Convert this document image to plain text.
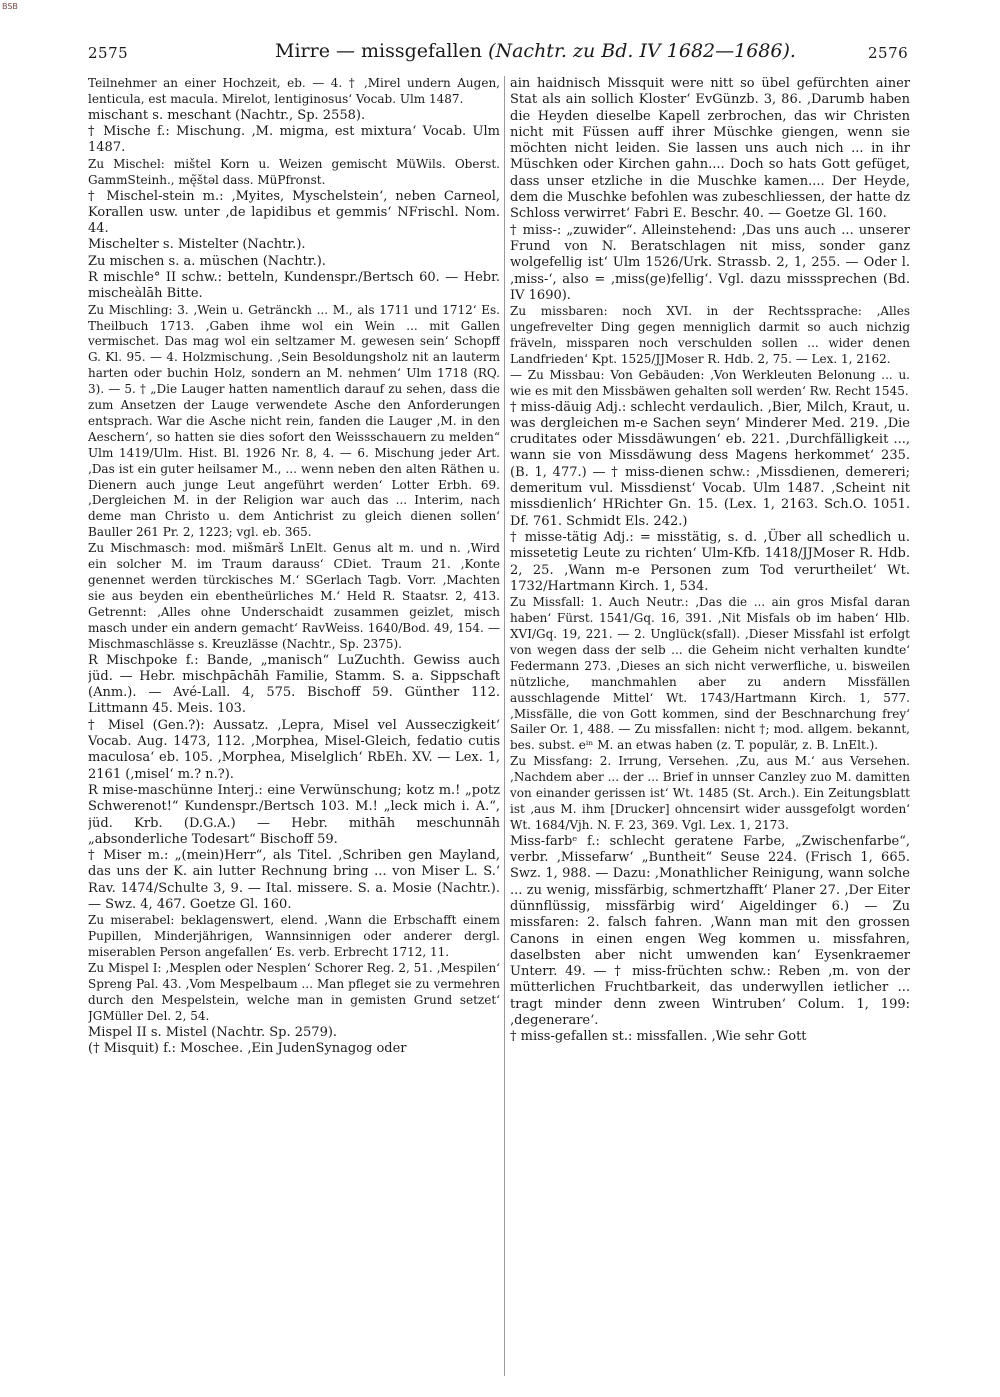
BSB
2575	Mirre — missgefallen (Nachtr. zu Bd. IV 1682—1686).	2576

Teilnehmer an einer Hochzeit, eb. — 4. † ‚Mirel undern Augen, lenticula, est macula. Mirelot, lentiginosus‘ Vocab. Ulm 1487.

mischant s. meschant (Nachtr., Sp. 2558).

† Mische f.: Mischung. ‚M. migma, est mixtura‘ Vocab. Ulm 1487.

Zu Mischel: mištel Korn u. Weizen gemischt MüWils. Oberst. GammSteinh., mę̃štəl dass. MüPfronst.

† Mischel-stein m.: ‚Myites, Myschelstein‘, neben Carneol, Korallen usw. unter ‚de lapidibus et gemmis‘ NFrischl. Nom. 44.

Mischelter s. Mistelter (Nachtr.).

Zu mischen s. a. müschen (Nachtr.).

R mischle° II schw.: betteln, Kundenspr./Bertsch 60. — Hebr. mischeàlāh Bitte.

Zu Mischling: 3. ‚Wein u. Getränckh ... M., als 1711 und 1712‘ Es. Theilbuch 1713. ‚Gaben ihme wol ein Wein ... mit Gallen vermischet. Das mag wol ein seltzamer M. gewesen sein‘ Schopff G. Kl. 95. — 4. Holzmischung. ‚Sein Besoldungsholz nit an lauterm harten oder buchin Holz, sondern an M. nehmen‘ Ulm 1718 (RQ. 3). — 5. † „Die Lauger hatten namentlich darauf zu sehen, dass die zum Ansetzen der Lauge verwendete Asche den Anforderungen entsprach. War die Asche nicht rein, fanden die Lauger ‚M. in den Aeschern‘, so hatten sie dies sofort den Weissschauern zu melden“ Ulm 1419/Ulm. Hist. Bl. 1926 Nr. 8, 4. — 6. Mischung jeder Art. ‚Das ist ein guter heilsamer M., ... wenn neben den alten Räthen u. Dienern auch junge Leut angeführt werden‘ Lotter Erbh. 69. ‚Dergleichen M. in der Religion war auch das ... Interim, nach deme man Christo u. dem Antichrist zu gleich dienen sollen‘ Bauller 261 Pr. 2, 1223; vgl. eb. 365.

Zu Mischmasch: mod. mišmārš LnElt. Genus alt m. und n. ‚Wird ein solcher M. im Traum darauss‘ CDiet. Traum 21. ‚Konte genennet werden türckisches M.‘ SGerlach Tagb. Vorr. ‚Machten sie aus beyden ein ebentheürliches M.‘ Held R. Staatsr. 2, 413. Getrennt: ‚Alles ohne Underschaidt zusammen geizlet, misch masch under ein andern gemacht‘ RavWeiss. 1640/Bod. 49, 154. — Mischmaschlässe s. Kreuzlässe (Nachtr., Sp. 2375).

R Mischpoke f.: Bande, „manisch“ LuZuchth. Gewiss auch jüd. — Hebr. mischpāchāh Familie, Stamm. S. a. Sippschaft (Anm.). — Avé-Lall. 4, 575. Bischoff 59. Günther 112. Littmann 45. Meis. 103.

† Misel (Gen.?): Aussatz. ‚Lepra, Misel vel Ausseczigkeit‘ Vocab. Aug. 1473, 112. ‚Morphea, Misel-Gleich, fedatio cutis maculosa‘ eb. 105. ‚Morphea, Miselglich‘ RbEh. XV. — Lex. 1, 2161 (‚misel‘ m.? n.?).

R mise-maschünne Interj.: eine Verwünschung; kotz m.! „potz Schwerenot!“ Kundenspr./Bertsch 103. M.! „leck mich i. A.“, jüd. Krb. (D.G.A.) — Hebr. mithāh meschunnāh „absonderliche Todesart“ Bischoff 59.

† Miser m.: „(mein)Herr“, als Titel. ‚Schriben gen Mayland, das uns der K. ain lutter Rechnung bring ... von Miser L. S.‘ Rav. 1474/Schulte 3, 9. — Ital. missere. S. a. Mosie (Nachtr.). — Swz. 4, 467. Goetze Gl. 160.

Zu miserabel: beklagenswert, elend. ‚Wann die Erbschafft einem Pupillen, Minderjährigen, Wannsinnigen oder anderer dergl. miserablen Person angefallen‘ Es. verb. Erbrecht 1712, 11.

Zu Mispel I: ‚Mesplen oder Nesplen‘ Schorer Reg. 2, 51. ‚Mespilen‘ Spreng Pal. 43. ‚Vom Mespelbaum ... Man pfleget sie zu vermehren durch den Mespelstein, welche man in gemisten Grund setzet‘ JGMüller Del. 2, 54.

Mispel II s. Mistel (Nachtr. Sp. 2579).

(† Misquit) f.: Moschee. ‚Ein JudenSynagog oder

ain haidnisch Missquit were nitt so übel gefürchten ainer Stat als ain sollich Kloster‘ EvGünzb. 3, 86. ‚Darumb haben die Heyden dieselbe Kapell zerbrochen, das wir Christen nicht mit Füssen auff ihrer Müschke giengen, wenn sie möchten nicht leiden. Sie lassen uns auch nich ... in ihr Müschken oder Kirchen gahn.... Doch so hats Gott gefüget, dass unser etzliche in die Muschke kamen.... Der Heyde, dem die Muschke befohlen was zubeschliessen, der hatte dz Schloss verwirret‘ Fabri E. Beschr. 40. — Goetze Gl. 160.

† miss-: „zuwider“. Alleinstehend: ‚Das uns auch ... unserer Frund von N. Beratschlagen nit miss, sonder ganz wolgefellig ist‘ Ulm 1526/Urk. Strassb. 2, 1, 255. — Oder l. ‚miss-‘, also = ‚miss(ge)fellig‘. Vgl. dazu misssprechen (Bd. IV 1690).

Zu missbaren: noch XVI. in der Rechtssprache: ‚Alles ungefrevelter Ding gegen menniglich darmit so auch nichzig fräveln, missparen noch verschulden sollen ... wider denen Landfrieden‘ Kpt. 1525/JJMoser R. Hdb. 2, 75. — Lex. 1, 2162.

— Zu Missbau: Von Gebäuden: ‚Von Werkleuten Belonung ... u. wie es mit den Missbäwen gehalten soll werden‘ Rw. Recht 1545.

† miss-däuig Adj.: schlecht verdaulich. ‚Bier, Milch, Kraut, u. was dergleichen m-e Sachen seyn‘ Minderer Med. 219. ‚Die cruditates oder Missdäwungen‘ eb. 221. ‚Durchfälligkeit ..., wann sie von Missdäwung dess Magens herkommet‘ 235. (B. 1, 477.) — † miss-dienen schw.: ‚Missdienen, demereri; demeritum vul. Missdienst‘ Vocab. Ulm 1487. ‚Scheint nit missdienlich‘ HRichter Gn. 15. (Lex. 1, 2163. Sch.O. 1051. Df. 761. Schmidt Els. 242.)

† misse-tätig Adj.: = misstätig, s. d. ‚Über all schedlich u. missetetig Leute zu richten‘ Ulm-Kfb. 1418/JJMoser R. Hdb. 2, 25. ‚Wann m-e Personen zum Tod verurtheilet‘ Wt. 1732/Hartmann Kirch. 1, 534.

Zu Missfall: 1. Auch Neutr.: ‚Das die ... ain gros Misfal daran haben‘ Fürst. 1541/Gq. 16, 391. ‚Nit Misfals ob im haben‘ Hlb. XVI/Gq. 19, 221. — 2. Unglück(sfall). ‚Dieser Missfahl ist erfolgt von wegen dass der selb ... die Geheim nicht verhalten kundte‘ Federmann 273. ‚Dieses an sich nicht verwerfliche, u. bisweilen nützliche, manchmahlen aber zu andern Missfällen ausschlagende Mittel‘ Wt. 1743/Hartmann Kirch. 1, 577. ‚Missfälle, die von Gott kommen, sind der Beschnarchung frey‘ Sailer Or. 1, 488. — Zu missfallen: nicht †; mod. allgem. bekannt, bes. subst. eⁱⁿ M. an etwas haben (z. T. populär, z. B. LnElt.).

Zu Missfang: 2. Irrung, Versehen. ‚Zu, aus M.‘ aus Versehen. ‚Nachdem aber ... der ... Brief in unnser Canzley zuo M. damitten von einander gerissen ist‘ Wt. 1485 (St. Arch.). Ein Zeitungsblatt ist ‚aus M. ihm [Drucker] ohncensirt wider aussgefolgt worden‘ Wt. 1684/Vjh. N. F. 23, 369. Vgl. Lex. 1, 2173.

Miss-farbᵉ f.: schlecht geratene Farbe, „Zwischenfarbe“, verbr. ‚Missefarw‘ „Buntheit“ Seuse 224. (Frisch 1, 665. Swz. 1, 988. — Dazu: ‚Monathlicher Reinigung, wann solche ... zu wenig, missfärbig, schmertzhafft‘ Planer 27. ‚Der Eiter dünnflüssig, missfärbig wird‘ Aigeldinger 6.) — Zu missfaren: 2. falsch fahren. ‚Wann man mit den grossen Canons in einen engen Weg kommen u. missfahren, daselbsten aber nicht umwenden kan‘ Eysenkraemer Unterr. 49. — † miss-früchten schw.: Reben ‚m. von der mütterlichen Fruchtbarkeit, das underwyllen ietlicher ... tragt minder denn zween Wintruben‘ Colum. 1, 199: ‚degenerare‘.

† miss-gefallen st.: missfallen. ‚Wie sehr Gott
